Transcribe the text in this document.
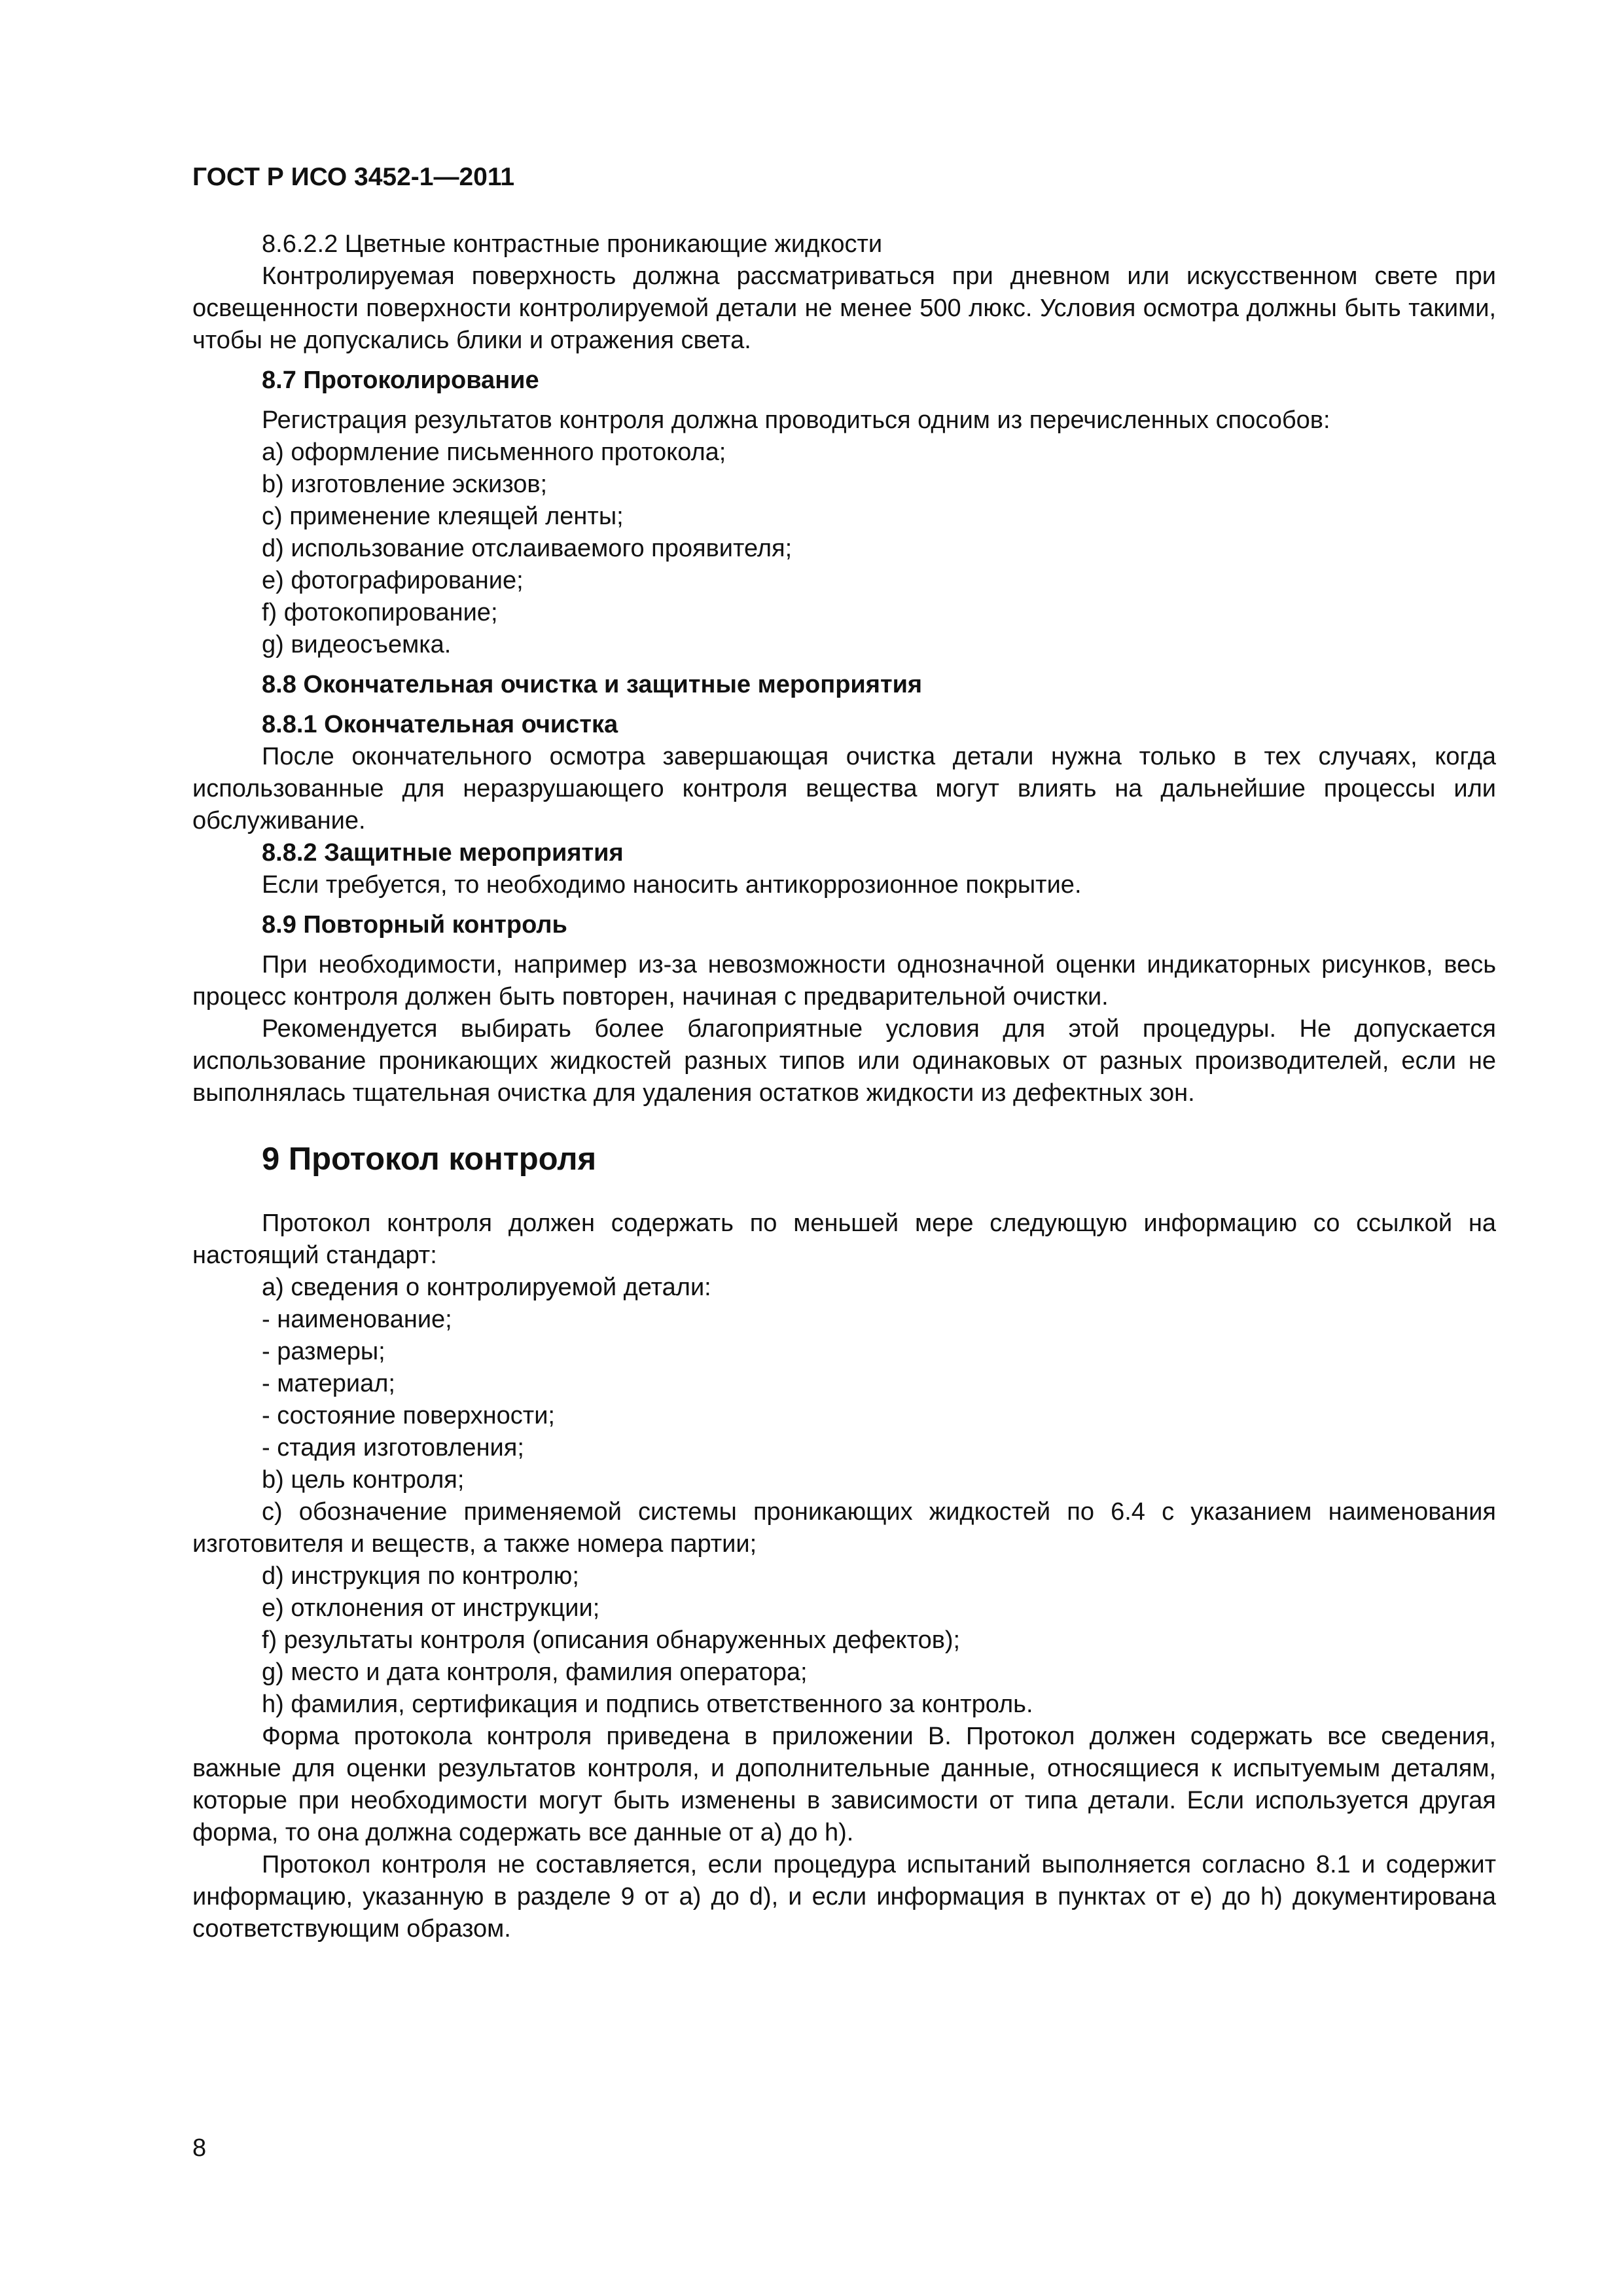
ГОСТ Р ИСО 3452-1—2011

8.6.2.2 Цветные контрастные проникающие жидкости

Контролируемая поверхность должна рассматриваться при дневном или искусственном свете при освещенности поверхности контролируемой детали не менее 500 люкс. Условия осмотра должны быть такими, чтобы не допускались блики и отражения света.

8.7 Протоколирование

Регистрация результатов контроля должна проводиться одним из перечисленных способов:

a) оформление письменного протокола;

b) изготовление эскизов;

c) применение клеящей ленты;

d) использование отслаиваемого проявителя;

e) фотографирование;

f) фотокопирование;

g) видеосъемка.

8.8 Окончательная очистка и защитные мероприятия

8.8.1 Окончательная очистка

После окончательного осмотра завершающая очистка детали нужна только в тех случаях, когда использованные для неразрушающего контроля вещества могут влиять на дальнейшие процессы или обслуживание.

8.8.2 Защитные мероприятия

Если требуется, то необходимо наносить антикоррозионное покрытие.

8.9 Повторный контроль

При необходимости, например из-за невозможности однозначной оценки индикаторных рисунков, весь процесс контроля должен быть повторен, начиная с предварительной очистки.

Рекомендуется выбирать более благоприятные условия для этой процедуры. Не допускается использование проникающих жидкостей разных типов или одинаковых от разных производителей, если не выполнялась тщательная очистка для удаления остатков жидкости из дефектных зон.

9 Протокол контроля

Протокол контроля должен содержать по меньшей мере следующую информацию со ссылкой на настоящий стандарт:

a) сведения о контролируемой детали:

- наименование;

- размеры;

- материал;

- состояние поверхности;

- стадия изготовления;

b) цель контроля;

c) обозначение применяемой системы проникающих жидкостей по 6.4 с указанием наименования изготовителя и веществ, а также номера партии;

d) инструкция по контролю;

e) отклонения от инструкции;

f) результаты контроля (описания обнаруженных дефектов);

g) место и дата контроля, фамилия оператора;

h) фамилия, сертификация и подпись ответственного за контроль.

Форма протокола контроля приведена в приложении В. Протокол должен содержать все сведения, важные для оценки результатов контроля, и дополнительные данные, относящиеся к испытуемым деталям, которые при необходимости могут быть изменены в зависимости от типа детали. Если используется другая форма, то она должна содержать все данные от a) до h).

Протокол контроля не составляется, если процедура испытаний выполняется согласно 8.1 и содержит информацию, указанную в разделе 9 от a) до d), и если информация в пунктах от e) до h) документирована соответствующим образом.

8
